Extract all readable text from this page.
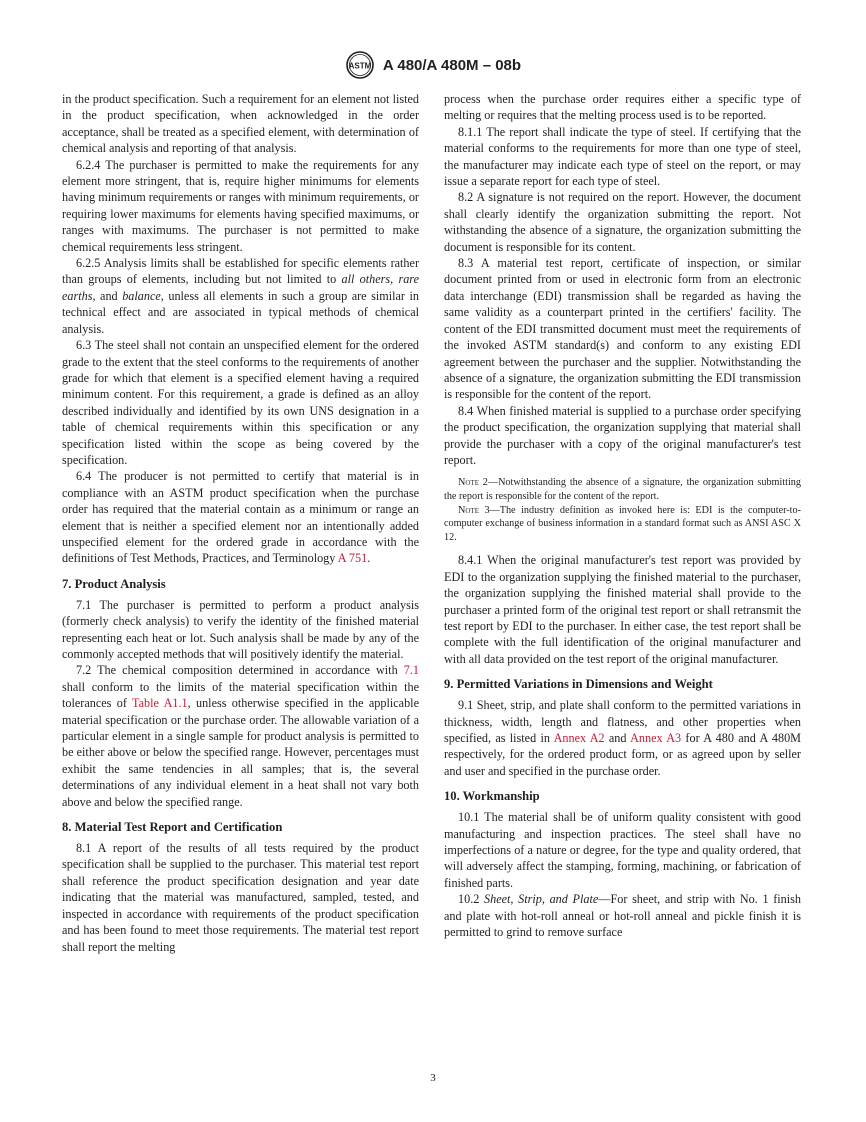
ASTM A 480/A 480M – 08b

in the product specification. Such a requirement for an element not listed in the product specification, when acknowledged in the order acceptance, shall be treated as a specified element, with determination of chemical analysis and reporting of that analysis.

6.2.4 The purchaser is permitted to make the requirements for any element more stringent, that is, require higher minimums for elements having minimum requirements or ranges with minimum requirements, or requiring lower maximums for elements having specified maximums, or ranges with maximums. The purchaser is not permitted to make chemical requirements less stringent.

6.2.5 Analysis limits shall be established for specific elements rather than groups of elements, including but not limited to all others, rare earths, and balance, unless all elements in such a group are similar in technical effect and are associated in typical methods of chemical analysis.

6.3 The steel shall not contain an unspecified element for the ordered grade to the extent that the steel conforms to the requirements of another grade for which that element is a specified element having a required minimum content. For this requirement, a grade is defined as an alloy described individually and identified by its own UNS designation in a table of chemical requirements within this specification or any specification listed within the scope as being covered by the specification.

6.4 The producer is not permitted to certify that material is in compliance with an ASTM product specification when the purchase order has required that the material contain as a minimum or range an element that is neither a specified element nor an intentionally added unspecified element for the ordered grade in accordance with the definitions of Test Methods, Practices, and Terminology A 751.

7. Product Analysis

7.1 The purchaser is permitted to perform a product analysis (formerly check analysis) to verify the identity of the finished material representing each heat or lot. Such analysis shall be made by any of the commonly accepted methods that will positively identify the material.

7.2 The chemical composition determined in accordance with 7.1 shall conform to the limits of the material specification within the tolerances of Table A1.1, unless otherwise specified in the applicable material specification or the purchase order. The allowable variation of a particular element in a single sample for product analysis is permitted to be either above or below the specified range. However, percentages must exhibit the same tendencies in all samples; that is, the several determinations of any individual element in a heat shall not vary both above and below the specified range.

8. Material Test Report and Certification

8.1 A report of the results of all tests required by the product specification shall be supplied to the purchaser. This material test report shall reference the product specification designation and year date indicating that the material was manufactured, sampled, tested, and inspected in accordance with requirements of the product specification and has been found to meet those requirements. The material test report shall report the melting

process when the purchase order requires either a specific type of melting or requires that the melting process used is to be reported.

8.1.1 The report shall indicate the type of steel. If certifying that the material conforms to the requirements for more than one type of steel, the manufacturer may indicate each type of steel on the report, or may issue a separate report for each type of steel.

8.2 A signature is not required on the report. However, the document shall clearly identify the organization submitting the report. Not withstanding the absence of a signature, the organization submitting the document is responsible for its content.

8.3 A material test report, certificate of inspection, or similar document printed from or used in electronic form from an electronic data interchange (EDI) transmission shall be regarded as having the same validity as a counterpart printed in the certifiers' facility. The content of the EDI transmitted document must meet the requirements of the invoked ASTM standard(s) and conform to any existing EDI agreement between the purchaser and the supplier. Notwithstanding the absence of a signature, the organization submitting the EDI transmission is responsible for the content of the report.

8.4 When finished material is supplied to a purchase order specifying the product specification, the organization supplying that material shall provide the purchaser with a copy of the original manufacturer's test report.

Note 2—Notwithstanding the absence of a signature, the organization submitting the report is responsible for the content of the report.

Note 3—The industry definition as invoked here is: EDI is the computer-to-computer exchange of business information in a standard format such as ANSI ASC X 12.

8.4.1 When the original manufacturer's test report was provided by EDI to the organization supplying the finished material to the purchaser, the organization supplying the finished material shall provide to the purchaser a printed form of the original test report or shall retransmit the test report by EDI to the purchaser. In either case, the test report shall be complete with the full identification of the original manufacturer and with all data provided on the test report of the original manufacturer.

9. Permitted Variations in Dimensions and Weight

9.1 Sheet, strip, and plate shall conform to the permitted variations in thickness, width, length and flatness, and other properties when specified, as listed in Annex A2 and Annex A3 for A 480 and A 480M respectively, for the ordered product form, or as agreed upon by seller and user and specified in the purchase order.

10. Workmanship

10.1 The material shall be of uniform quality consistent with good manufacturing and inspection practices. The steel shall have no imperfections of a nature or degree, for the type and quality ordered, that will adversely affect the stamping, forming, machining, or fabrication of finished parts.

10.2 Sheet, Strip, and Plate—For sheet, and strip with No. 1 finish and plate with hot-roll anneal or hot-roll anneal and pickle finish it is permitted to grind to remove surface

3
